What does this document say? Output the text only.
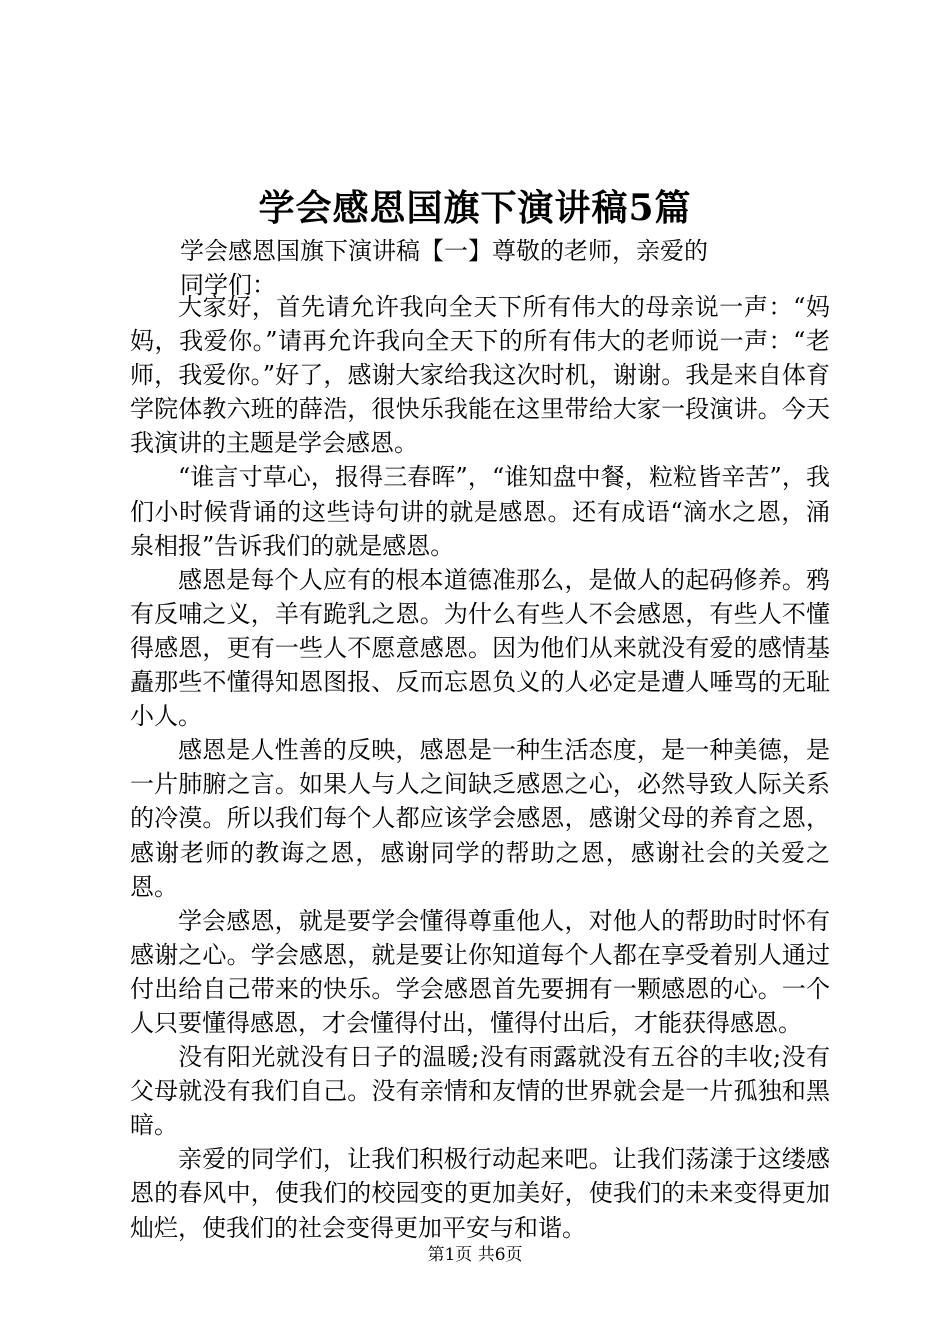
学会感恩国旗下演讲稿5篇
学会感恩国旗下演讲稿【一】尊敬的老师，亲爱的
同学们：

大家好，首先请允许我向全天下所有伟大的母亲说一声：“妈妈，我爱你。”请再允许我向全天下的所有伟大的老师说一声：“老师，我爱你。”好了，感谢大家给我这次时机，谢谢。我是来自体育学院体教六班的薛浩，很快乐我能在这里带给大家一段演讲。今天我演讲的主题是学会感恩。

“谁言寸草心，报得三春晖”，“谁知盘中餐，粒粒皆辛苦”，我们小时候背诵的这些诗句讲的就是感恩。还有成语“滴水之恩，涌泉相报”告诉我们的就是感恩。

感恩是每个人应有的根本道德准那么，是做人的起码修养。鸦有反哺之义，羊有跪乳之恩。为什么有些人不会感恩，有些人不懂得感恩，更有一些人不愿意感恩。因为他们从来就没有爱的感情基矗那些不懂得知恩图报、反而忘恩负义的人必定是遭人唾骂的无耻小人。

感恩是人性善的反映，感恩是一种生活态度，是一种美德，是一片肺腑之言。如果人与人之间缺乏感恩之心，必然导致人际关系的冷漠。所以我们每个人都应该学会感恩，感谢父母的养育之恩，感谢老师的教诲之恩，感谢同学的帮助之恩，感谢社会的关爱之恩。

学会感恩，就是要学会懂得尊重他人，对他人的帮助时时怀有感谢之心。学会感恩，就是要让你知道每个人都在享受着别人通过付出给自己带来的快乐。学会感恩首先要拥有一颗感恩的心。一个人只要懂得感恩，才会懂得付出，懂得付出后，才能获得感恩。

没有阳光就没有日子的温暖;没有雨露就没有五谷的丰收;没有父母就没有我们自己。没有亲情和友情的世界就会是一片孤独和黑暗。

亲爱的同学们，让我们积极行动起来吧。让我们荡漾于这缕感恩的春风中，使我们的校园变的更加美好，使我们的未来变得更加灿烂，使我们的社会变得更加平安与和谐。

第1页 共6页
